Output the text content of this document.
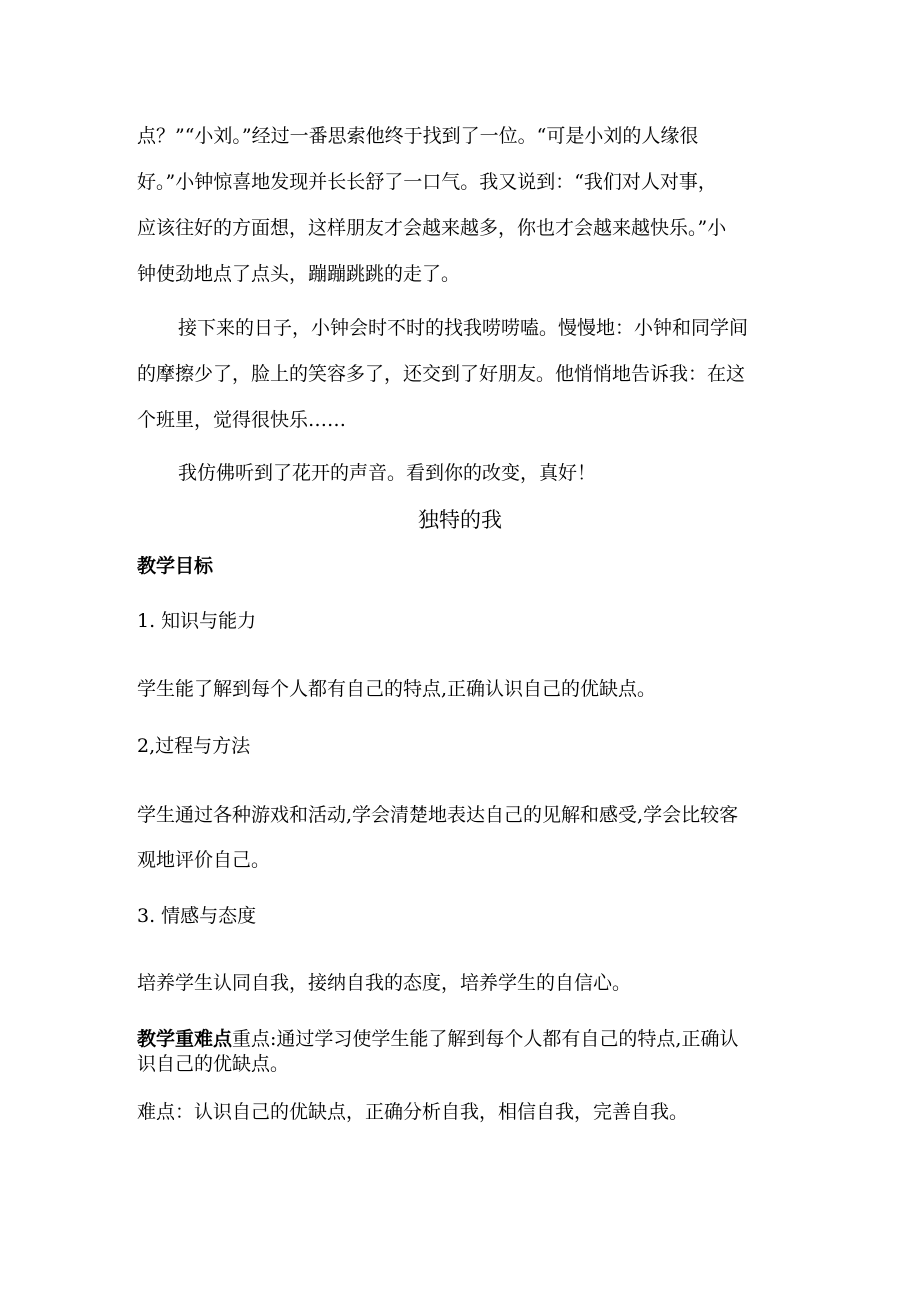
点？”“小刘。”经过一番思索他终于找到了一位。“可是小刘的人缘很
好。”小钟惊喜地发现并长长舒了一口气。我又说到：“我们对人对事，
应该往好的方面想，这样朋友才会越来越多，你也才会越来越快乐。”小
钟使劲地点了点头，蹦蹦跳跳的走了。
接下来的日子，小钟会时不时的找我唠唠嗑。慢慢地：小钟和同学间
的摩擦少了，脸上的笑容多了，还交到了好朋友。他悄悄地告诉我：在这
个班里，觉得很快乐……
我仿佛听到了花开的声音。看到你的改变，真好！
独特的我
教学目标
1. 知识与能力
学生能了解到每个人都有自己的特点,正确认识自己的优缺点。
2,过程与方法
学生通过各种游戏和活动,学会清楚地表达自己的见解和感受,学会比较客
观地评价自己。
3. 情感与态度
培养学生认同自我，接纳自我的态度，培养学生的自信心。
教学重难点重点:通过学习使学生能了解到每个人都有自己的特点,正确认
识自己的优缺点。
难点：认识自己的优缺点，正确分析自我，相信自我，完善自我。
